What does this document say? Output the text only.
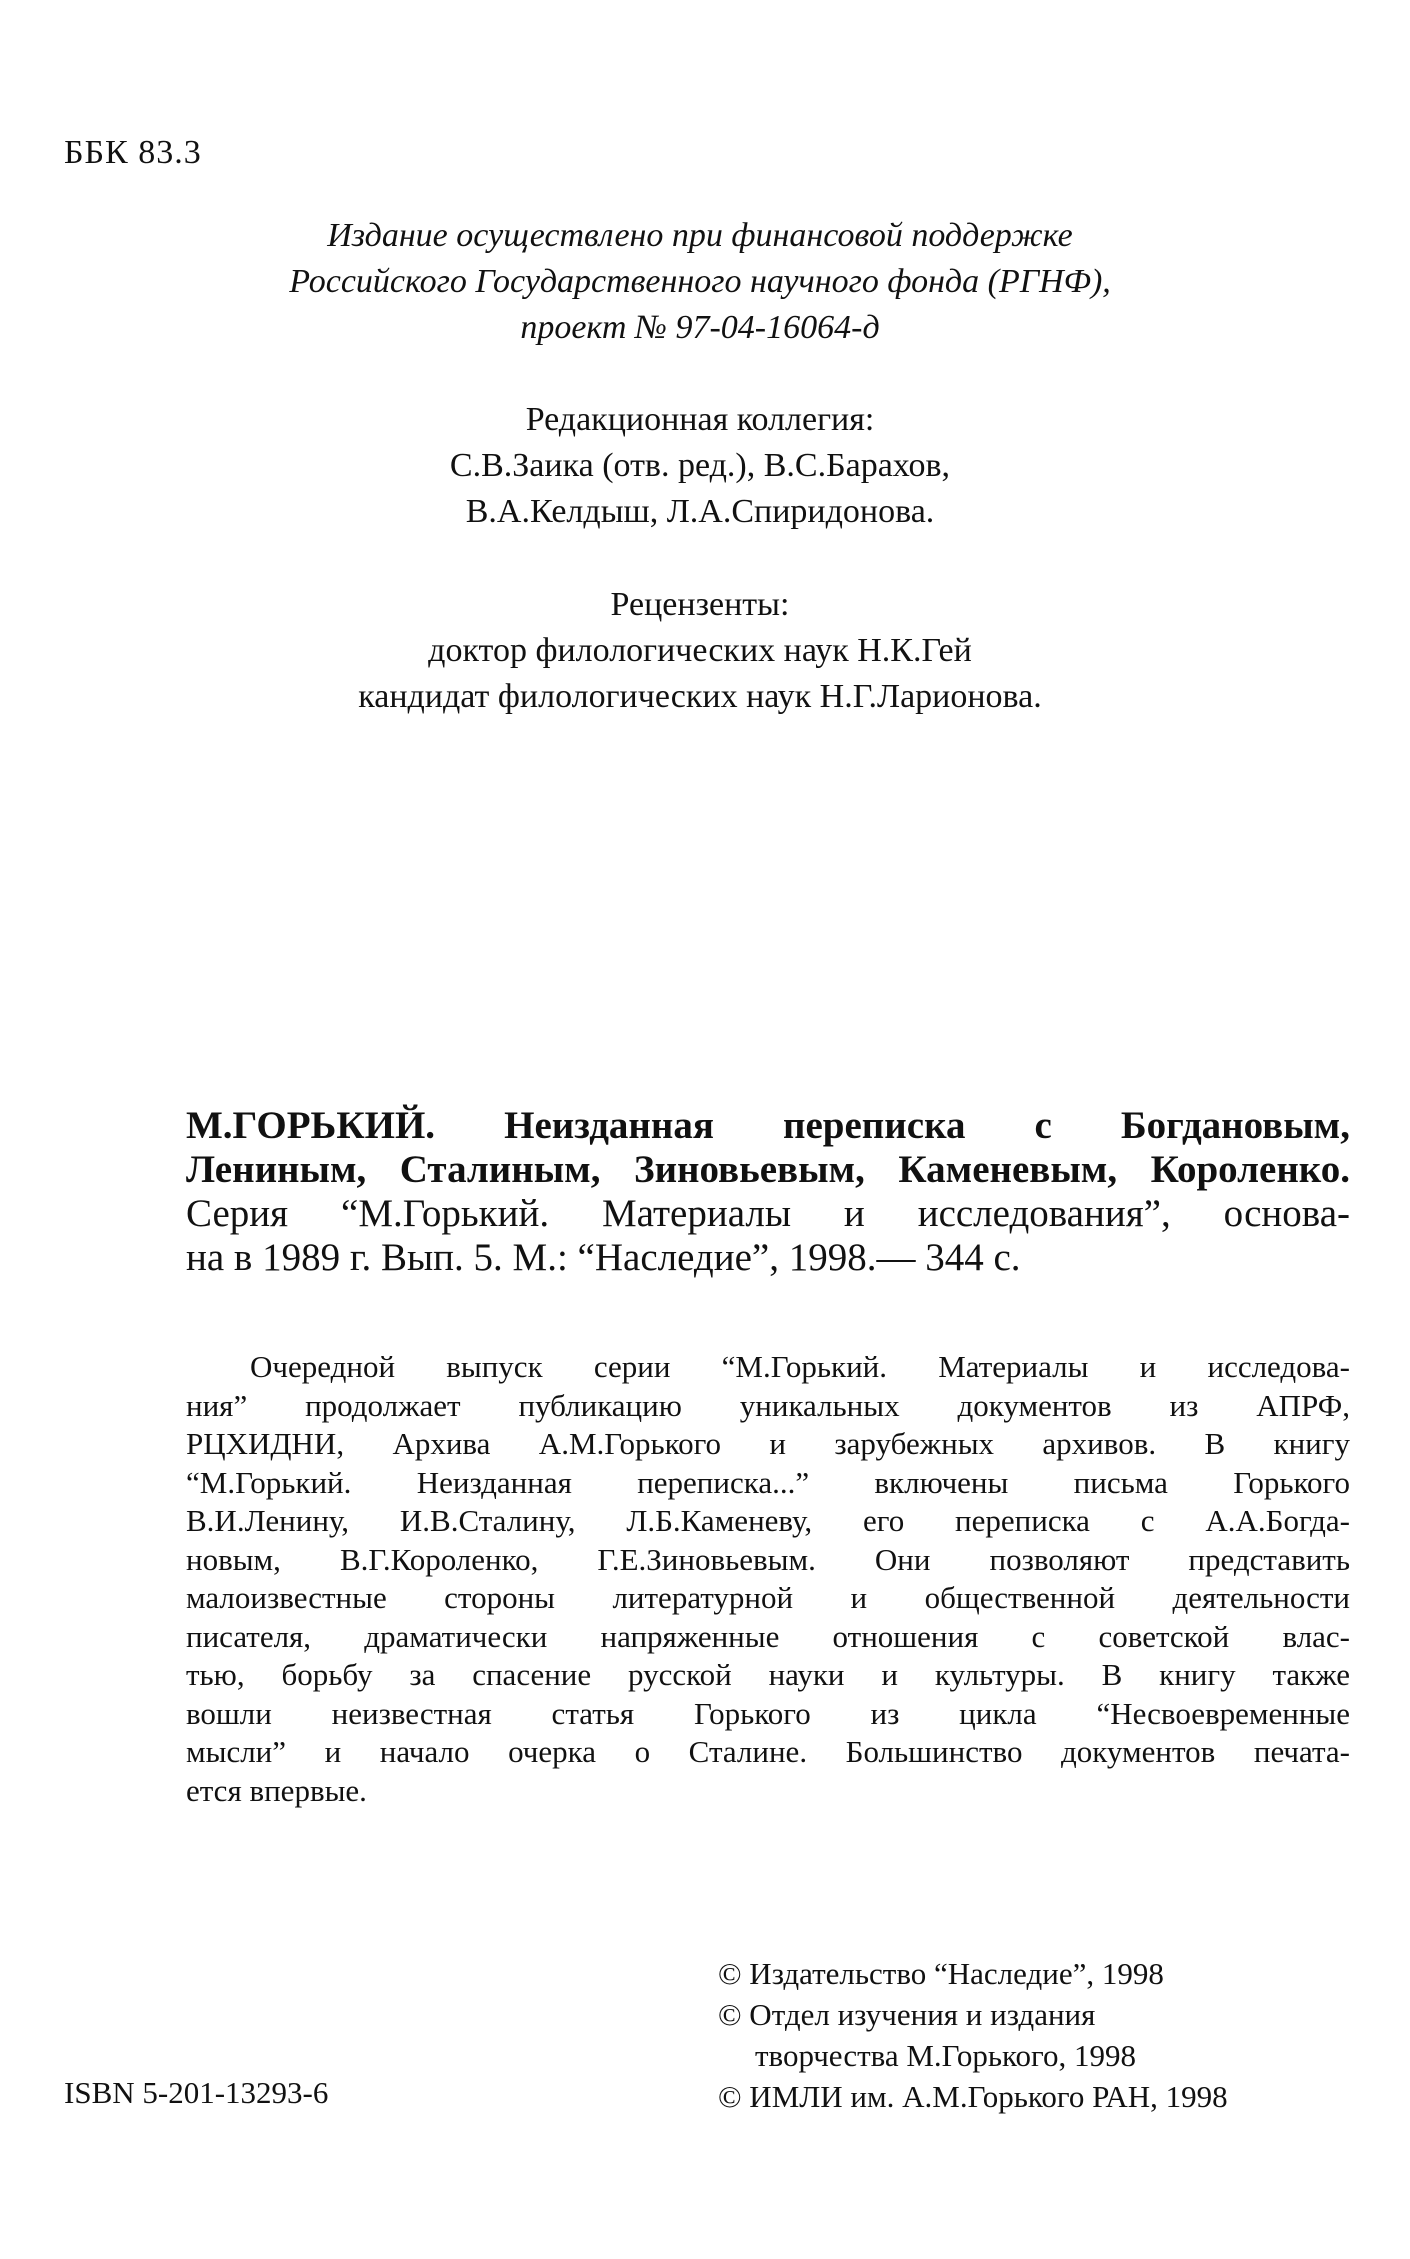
ББК 83.3
Издание осуществлено при финансовой поддержке
Российского Государственного научного фонда (РГНФ),
проект № 97-04-16064-д
Редакционная коллегия:
С.В.Заика (отв. ред.), В.С.Барахов,
В.А.Келдыш, Л.А.Спиридонова.
Рецензенты:
доктор филологических наук Н.К.Гей
кандидат филологических наук Н.Г.Ларионова.
М.ГОРЬКИЙ. Неизданная переписка с Богдановым,
Лениным, Сталиным, Зиновьевым, Каменевым, Короленко.
Серия “М.Горький. Материалы и исследования”, основа-
на в 1989 г. Вып. 5. М.: “Наследие”, 1998.— 344 с.
Очередной выпуск серии “М.Горький. Материалы и исследова-
ния” продолжает публикацию уникальных документов из АПРФ,
РЦХИДНИ, Архива А.М.Горького и зарубежных архивов. В книгу
“М.Горький. Неизданная переписка...” включены письма Горького
В.И.Ленину, И.В.Сталину, Л.Б.Каменеву, его переписка с А.А.Богда-
новым, В.Г.Короленко, Г.Е.Зиновьевым. Они позволяют представить
малоизвестные стороны литературной и общественной деятельности
писателя, драматически напряженные отношения с советской влас-
тью, борьбу за спасение русской науки и культуры. В книгу также
вошли неизвестная статья Горького из цикла “Несвоевременные
мысли” и начало очерка о Сталине. Большинство документов печата-
ется впервые.
© Издательство “Наследие”, 1998
© Отдел изучения и издания
творчества М.Горького, 1998
© ИМЛИ им. А.М.Горького РАН, 1998
ISBN 5-201-13293-6
